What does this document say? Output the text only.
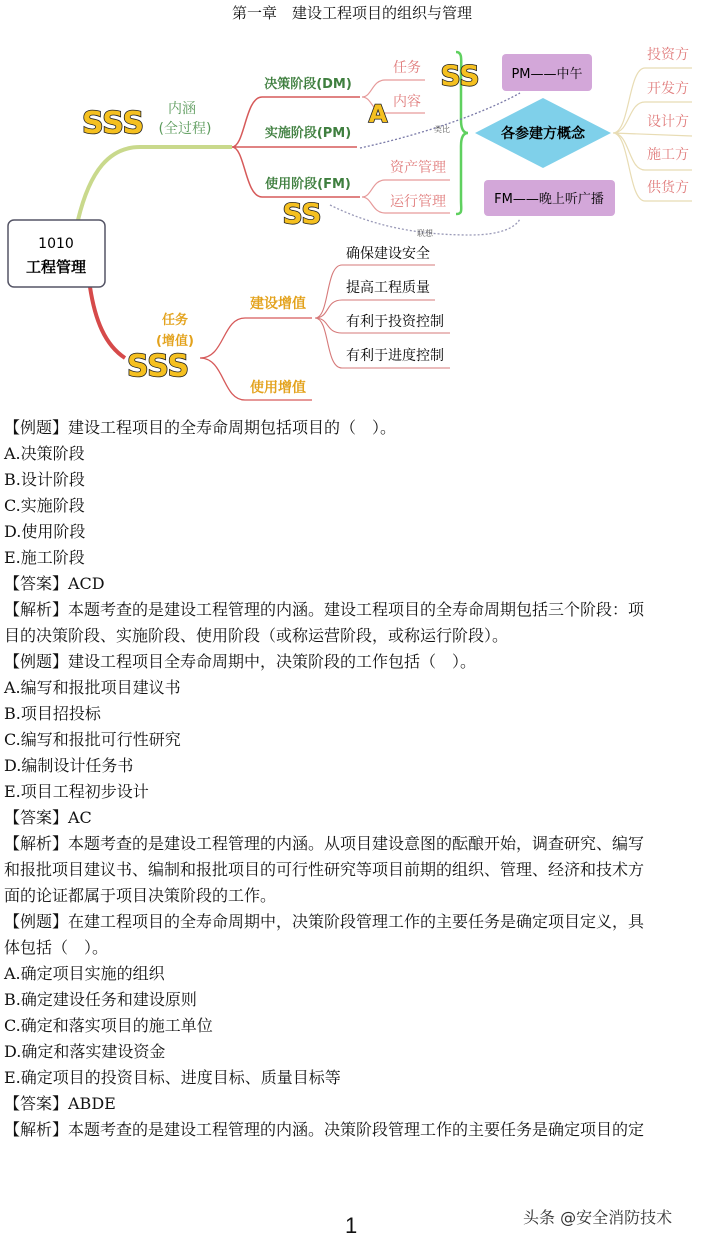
第一章　建设工程项目的组织与管理
类比
联想
1010
工程管理
内涵
(全过程)
决策阶段(DM)
实施阶段(PM)
使用阶段(FM)
任务
内容
资产管理
运行管理
SSS
SS
A
SS
SSS
PM——中午
FM——晚上听广播
各参建方概念
投资方
开发方
设计方
施工方
供货方
任务
(增值)
建设增值
使用增值
确保建设安全
提高工程质量
有利于投资控制
有利于进度控制
【例题】建设工程项目的全寿命周期包括项目的（　）。
A.决策阶段
B.设计阶段
C.实施阶段
D.使用阶段
E.施工阶段
【答案】ACD
【解析】本题考查的是建设工程管理的内涵。建设工程项目的全寿命周期包括三个阶段：项
目的决策阶段、实施阶段、使用阶段（或称运营阶段，或称运行阶段）。
【例题】建设工程项目全寿命周期中，决策阶段的工作包括（　）。
A.编写和报批项目建议书
B.项目招投标
C.编写和报批可行性研究
D.编制设计任务书
E.项目工程初步设计
【答案】AC
【解析】本题考查的是建设工程管理的内涵。从项目建设意图的酝酿开始，调查研究、编写
和报批项目建议书、编制和报批项目的可行性研究等项目前期的组织、管理、经济和技术方
面的论证都属于项目决策阶段的工作。
【例题】在建工程项目的全寿命周期中，决策阶段管理工作的主要任务是确定项目定义，具
体包括（　）。
A.确定项目实施的组织
B.确定建设任务和建设原则
C.确定和落实项目的施工单位
D.确定和落实建设资金
E.确定项目的投资目标、进度目标、质量目标等
【答案】ABDE
【解析】本题考查的是建设工程管理的内涵。决策阶段管理工作的主要任务是确定项目的定
1	头条 @安全消防技术
